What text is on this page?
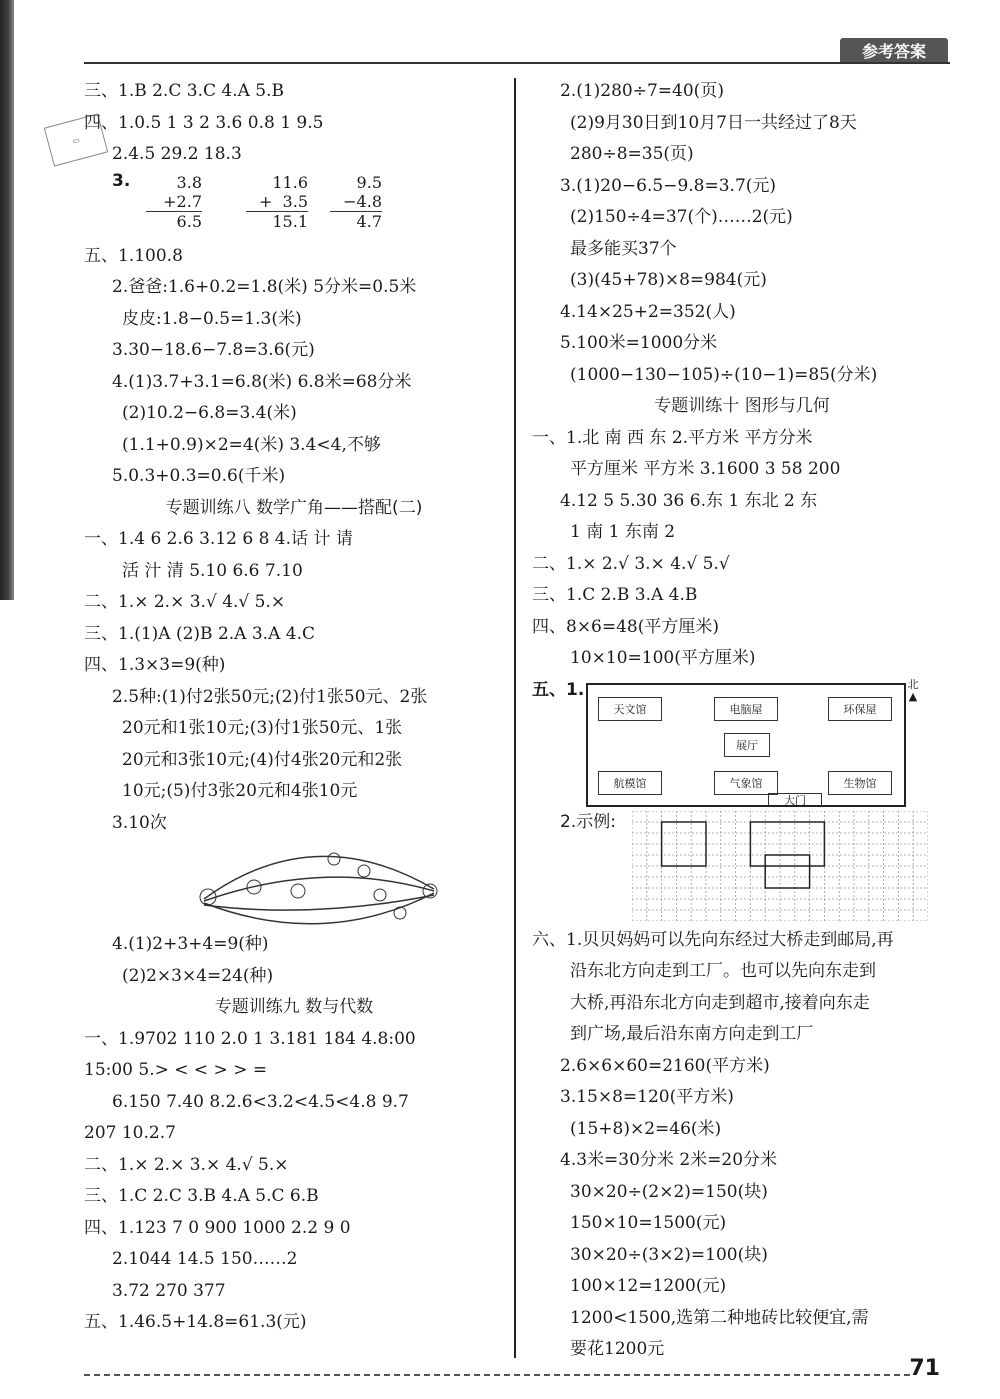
参考答案
▭
三、1.B 2.C 3.C 4.A 5.B
四、1.0.5 1 3 2 3.6 0.8 1 9.5
2.4.5 29.2 18.3
3.	3.8
+2.7
6.5
11.6
+  3.5
15.1
9.5
−4.8
4.7
五、1.100.8
2.爸爸:1.6+0.2=1.8(米) 5分米=0.5米
皮皮:1.8−0.5=1.3(米)
3.30−18.6−7.8=3.6(元)
4.(1)3.7+3.1=6.8(米) 6.8米=68分米
(2)10.2−6.8=3.4(米)
(1.1+0.9)×2=4(米) 3.4<4,不够
5.0.3+0.3=0.6(千米)
专题训练八 数学广角——搭配(二)
一、1.4 6 2.6 3.12 6 8 4.话 计 请
活 汁 清 5.10 6.6 7.10
二、1.× 2.× 3.√ 4.√ 5.×
三、1.(1)A (2)B 2.A 3.A 4.C
四、1.3×3=9(种)
2.5种:(1)付2张50元;(2)付1张50元、2张
20元和1张10元;(3)付1张50元、1张
20元和3张10元;(4)付4张20元和2张
10元;(5)付3张20元和4张10元
3.10次
4.(1)2+3+4=9(种)
(2)2×3×4=24(种)
专题训练九 数与代数
一、1.9702 110 2.0 1 3.181 184 4.8:00
15:00 5.> < < > > =
6.150 7.40 8.2.6<3.2<4.5<4.8 9.7
207 10.2.7
二、1.× 2.× 3.× 4.√ 5.×
三、1.C 2.C 3.B 4.A 5.C 6.B
四、1.123 7 0 900 1000 2.2 9 0
2.1044 14.5 150……2
3.72 270 377
五、1.46.5+14.8=61.3(元)
2.(1)280÷7=40(页)
(2)9月30日到10月7日一共经过了8天
280÷8=35(页)
3.(1)20−6.5−9.8=3.7(元)
(2)150÷4=37(个)……2(元)
最多能买37个
(3)(45+78)×8=984(元)
4.14×25+2=352(人)
5.100米=1000分米
(1000−130−105)÷(10−1)=85(分米)
专题训练十 图形与几何
一、1.北 南 西 东 2.平方米 平方分米
平方厘米 平方米 3.1600 3 58 200
4.12 5 5.30 36 6.东 1 东北 2 东
1 南 1 东南 2
二、1.× 2.√ 3.× 4.√ 5.√
三、1.C 2.B 3.A 4.B
四、8×6=48(平方厘米)
10×10=100(平方厘米)
五、1.
天文馆	电脑屋	环保屋
展厅
航模馆	气象馆	生物馆
大门
北
▲
2.示例:
六、1.贝贝妈妈可以先向东经过大桥走到邮局,再
沿东北方向走到工厂。也可以先向东走到
大桥,再沿东北方向走到超市,接着向东走
到广场,最后沿东南方向走到工厂
2.6×6×60=2160(平方米)
3.15×8=120(平方米)
(15+8)×2=46(米)
4.3米=30分米 2米=20分米
30×20÷(2×2)=150(块)
150×10=1500(元)
30×20÷(3×2)=100(块)
100×12=1200(元)
1200<1500,选第二种地砖比较便宜,需
要花1200元
71
